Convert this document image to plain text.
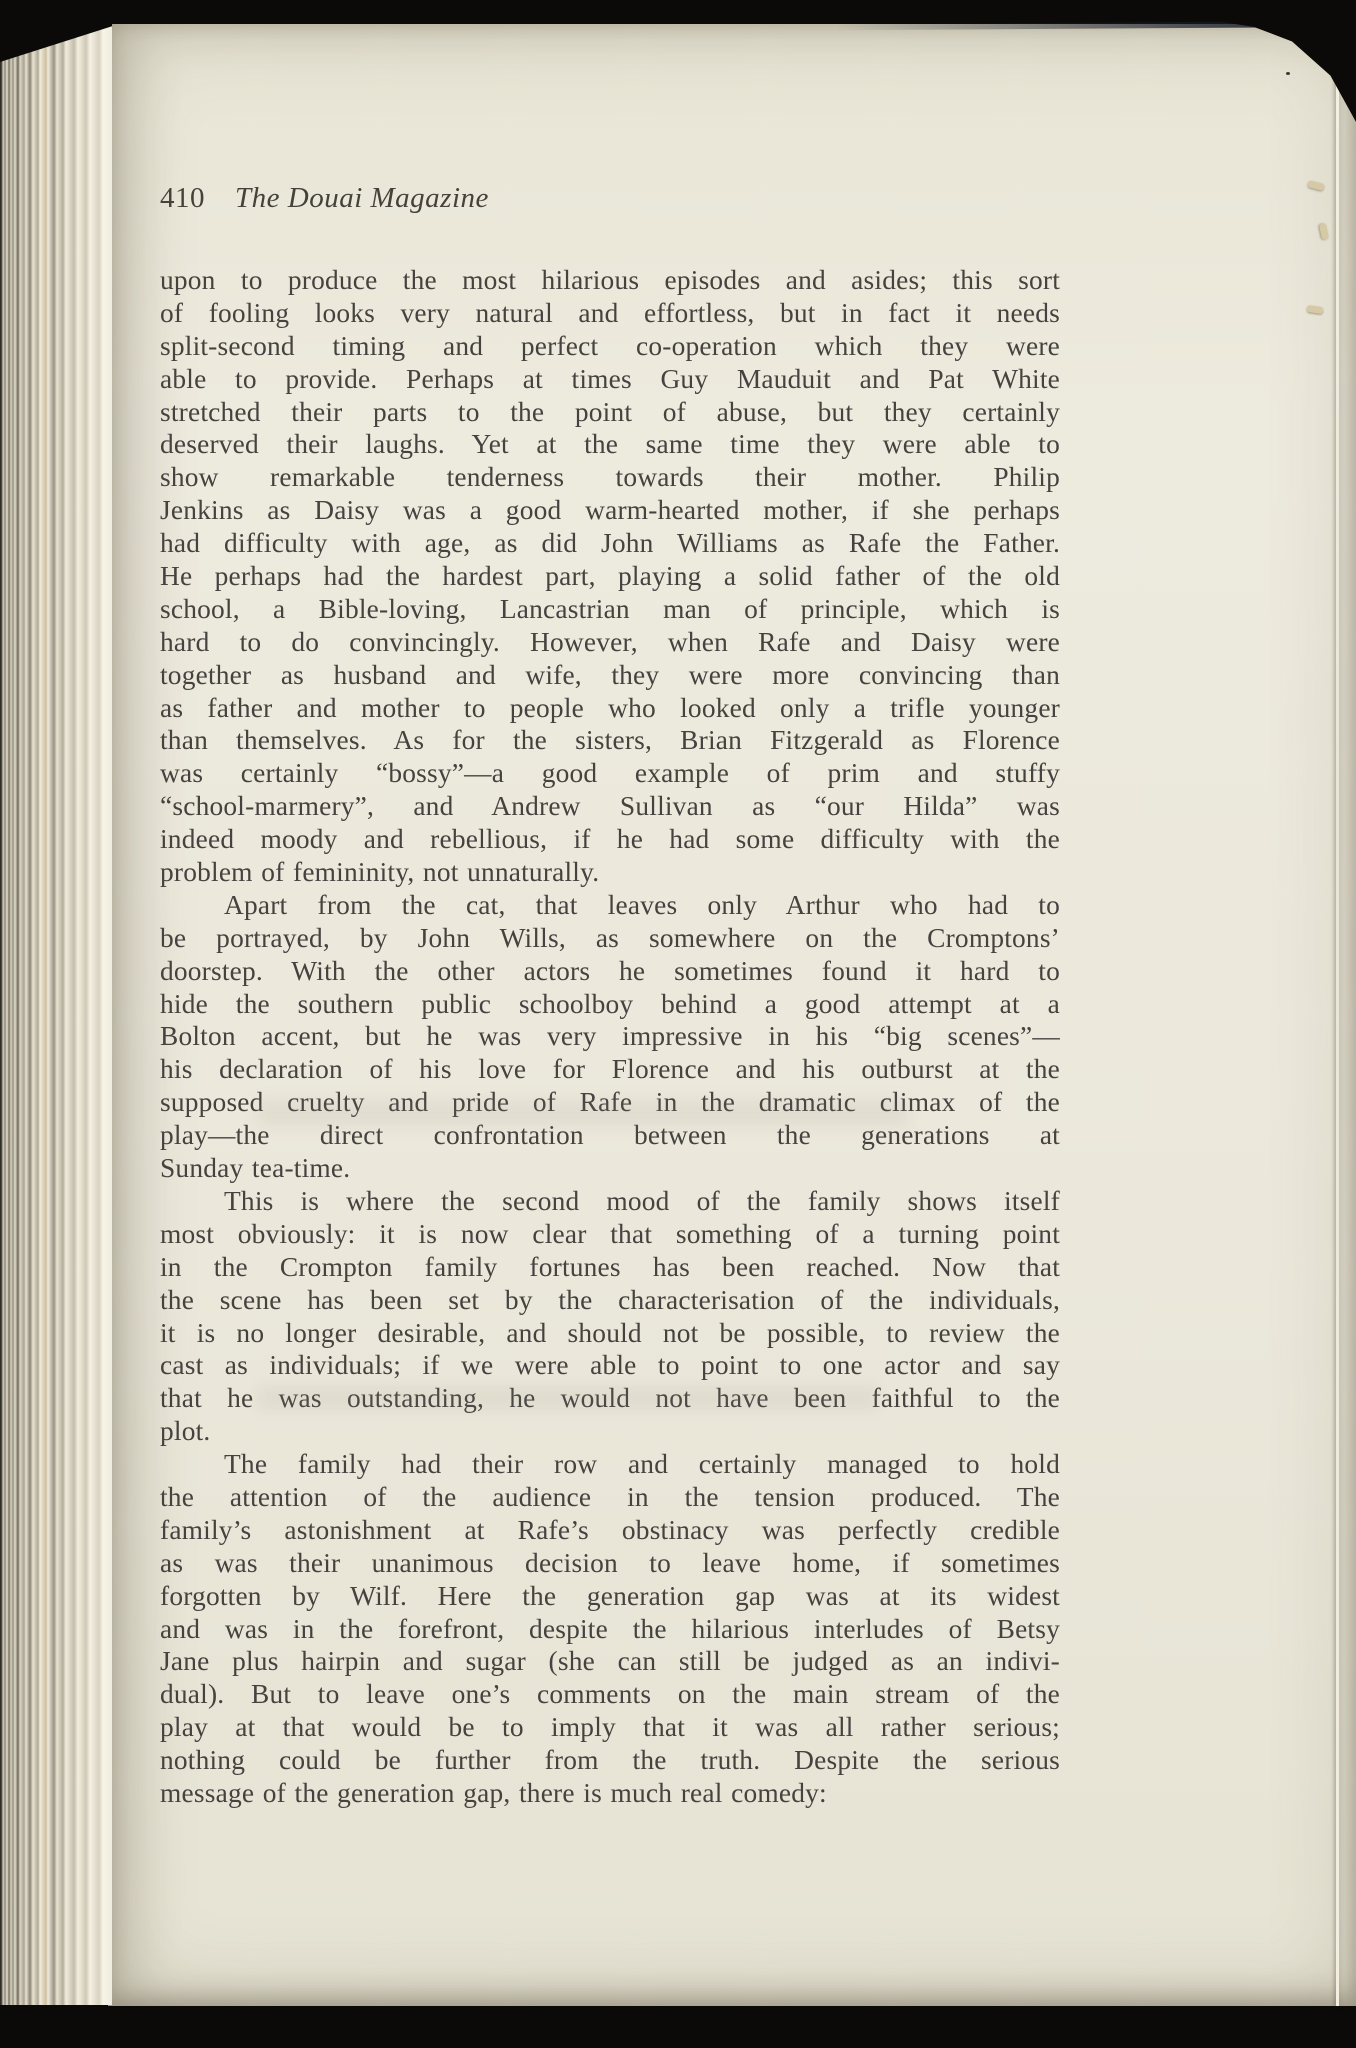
410 The Douai Magazine
upon to produce the most hilarious episodes and asides; this sort
of fooling looks very natural and effortless, but in fact it needs
split-second timing and perfect co-operation which they were
able to provide. Perhaps at times Guy Mauduit and Pat White
stretched their parts to the point of abuse, but they certainly
deserved their laughs. Yet at the same time they were able to
show remarkable tenderness towards their mother. Philip
Jenkins as Daisy was a good warm-hearted mother, if she perhaps
had difficulty with age, as did John Williams as Rafe the Father.
He perhaps had the hardest part, playing a solid father of the old
school, a Bible-loving, Lancastrian man of principle, which is
hard to do convincingly. However, when Rafe and Daisy were
together as husband and wife, they were more convincing than
as father and mother to people who looked only a trifle younger
than themselves. As for the sisters, Brian Fitzgerald as Florence
was certainly “bossy”—a good example of prim and stuffy
“school-marmery”, and Andrew Sullivan as “our Hilda” was
indeed moody and rebellious, if he had some difficulty with the
problem of femininity, not unnaturally.
Apart from the cat, that leaves only Arthur who had to
be portrayed, by John Wills, as somewhere on the Cromptons’
doorstep. With the other actors he sometimes found it hard to
hide the southern public schoolboy behind a good attempt at a
Bolton accent, but he was very impressive in his “big scenes”—
his declaration of his love for Florence and his outburst at the
supposed cruelty and pride of Rafe in the dramatic climax of the
play—the direct confrontation between the generations at
Sunday tea-time.
This is where the second mood of the family shows itself
most obviously: it is now clear that something of a turning point
in the Crompton family fortunes has been reached. Now that
the scene has been set by the characterisation of the individuals,
it is no longer desirable, and should not be possible, to review the
cast as individuals; if we were able to point to one actor and say
that he was outstanding, he would not have been faithful to the
plot.
The family had their row and certainly managed to hold
the attention of the audience in the tension produced. The
family’s astonishment at Rafe’s obstinacy was perfectly credible
as was their unanimous decision to leave home, if sometimes
forgotten by Wilf. Here the generation gap was at its widest
and was in the forefront, despite the hilarious interludes of Betsy
Jane plus hairpin and sugar (she can still be judged as an indivi-
dual). But to leave one’s comments on the main stream of the
play at that would be to imply that it was all rather serious;
nothing could be further from the truth. Despite the serious
message of the generation gap, there is much real comedy:
